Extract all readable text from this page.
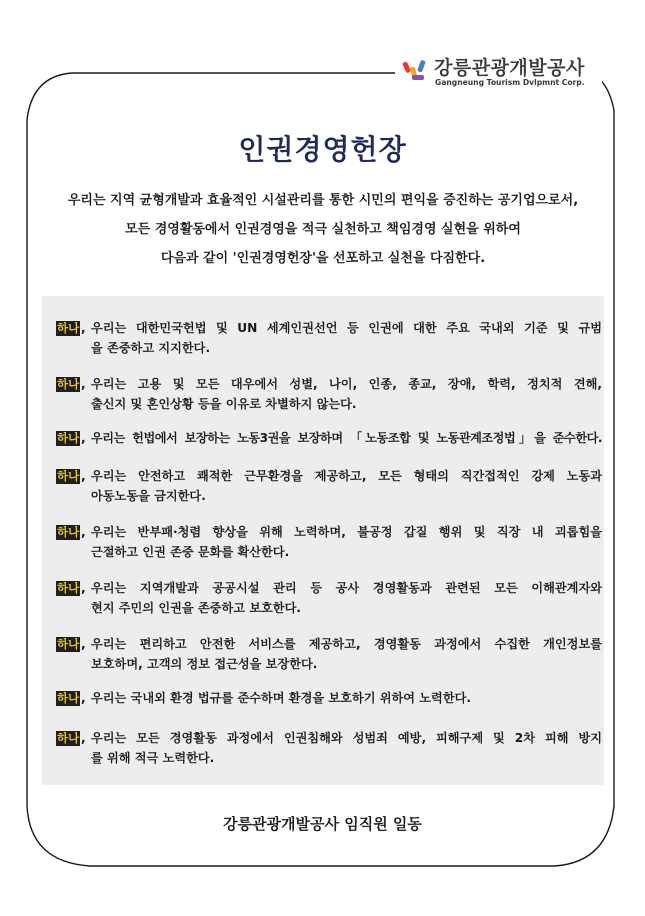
강릉관광개발공사
Gangneung Tourism Dvlpmnt Corp.
인권경영헌장
우리는 지역 균형개발과 효율적인 시설관리를 통한 시민의 편익을 증진하는 공기업으로서,
모든 경영활동에서 인권경영을 적극 실천하고 책임경영 실현을 위하여
다음과 같이 '인권경영헌장'을 선포하고 실천을 다짐한다.
하나 , 우리는 대한민국헌법 및 UN 세계인권선언 등 인권에 대한 주요 국내외 기준 및 규범
을 존중하고 지지한다.
하나 , 우리는 고용 및 모든 대우에서 성별, 나이, 인종, 종교, 장애, 학력, 정치적 견해,
출신지 및 혼인상황 등을 이유로 차별하지 않는다.
하나 , 우리는 헌법에서 보장하는 노동3권을 보장하며 「노동조합 및 노동관계조정법」을 준수한다.
하나 , 우리는 안전하고 쾌적한 근무환경을 제공하고, 모든 형태의 직간접적인 강제 노동과
아동노동을 금지한다.
하나 , 우리는 반부패·청렴 향상을 위해 노력하며, 불공정 갑질 행위 및 직장 내 괴롭힘을
근절하고 인권 존중 문화를 확산한다.
하나 , 우리는 지역개발과 공공시설 관리 등 공사 경영활동과 관련된 모든 이해관계자와
현지 주민의 인권을 존중하고 보호한다.
하나 , 우리는 편리하고 안전한 서비스를 제공하고, 경영활동 과정에서 수집한 개인정보를
보호하며, 고객의 정보 접근성을 보장한다.
하나 , 우리는 국내외 환경 법규를 준수하며 환경을 보호하기 위하여 노력한다.
하나 , 우리는 모든 경영활동 과정에서 인권침해와 성범죄 예방, 피해구제 및 2차 피해 방지
를 위해 적극 노력한다.
강릉관광개발공사 임직원 일동
